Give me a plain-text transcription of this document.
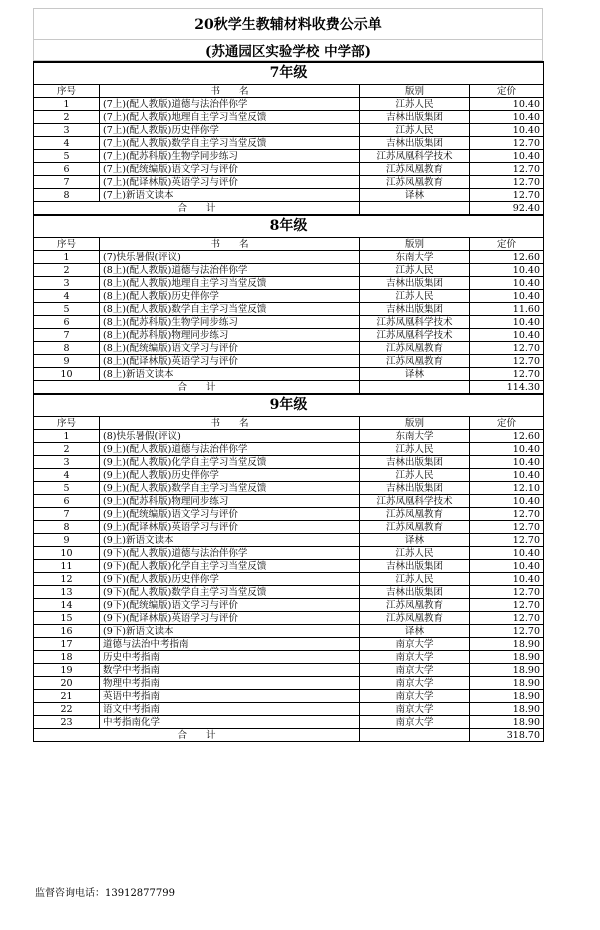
20秋学生教辅材料收费公示单
(苏通园区实验学校 中学部)
7年级			
序号	书　　名	版别	定价
1	(7上)(配人教版)道德与法治伴你学	江苏人民	10.40
2	(7上)(配人教版)地理自主学习当堂反馈	吉林出版集团	10.40
3	(7上)(配人教版)历史伴你学	江苏人民	10.40
4	(7上)(配人教版)数学自主学习当堂反馈	吉林出版集团	12.70
5	(7上)(配苏科版)生物学同步练习	江苏凤凰科学技术	10.40
6	(7上)(配统编版)语文学习与评价	江苏凤凰教育	12.70
7	(7上)(配译林版)英语学习与评价	江苏凤凰教育	12.70
8	(7上)新语文读本	译林	12.70
合　　计			92.40
8年级			
序号	书　　名	版别	定价
1	(7)快乐暑假(评议)	东南大学	12.60
2	(8上)(配人教版)道德与法治伴你学	江苏人民	10.40
3	(8上)(配人教版)地理自主学习当堂反馈	吉林出版集团	10.40
4	(8上)(配人教版)历史伴你学	江苏人民	10.40
5	(8上)(配人教版)数学自主学习当堂反馈	吉林出版集团	11.60
6	(8上)(配苏科版)生物学同步练习	江苏凤凰科学技术	10.40
7	(8上)(配苏科版)物理同步练习	江苏凤凰科学技术	10.40
8	(8上)(配统编版)语文学习与评价	江苏凤凰教育	12.70
9	(8上)(配译林版)英语学习与评价	江苏凤凰教育	12.70
10	(8上)新语文读本	译林	12.70
合　　计			114.30
9年级			
序号	书　　名	版别	定价
1	(8)快乐暑假(评议)	东南大学	12.60
2	(9上)(配人教版)道德与法治伴你学	江苏人民	10.40
3	(9上)(配人教版)化学自主学习当堂反馈	吉林出版集团	10.40
4	(9上)(配人教版)历史伴你学	江苏人民	10.40
5	(9上)(配人教版)数学自主学习当堂反馈	吉林出版集团	12.10
6	(9上)(配苏科版)物理同步练习	江苏凤凰科学技术	10.40
7	(9上)(配统编版)语文学习与评价	江苏凤凰教育	12.70
8	(9上)(配译林版)英语学习与评价	江苏凤凰教育	12.70
9	(9上)新语文读本	译林	12.70
10	(9下)(配人教版)道德与法治伴你学	江苏人民	10.40
11	(9下)(配人教版)化学自主学习当堂反馈	吉林出版集团	10.40
12	(9下)(配人教版)历史伴你学	江苏人民	10.40
13	(9下)(配人教版)数学自主学习当堂反馈	吉林出版集团	12.70
14	(9下)(配统编版)语文学习与评价	江苏凤凰教育	12.70
15	(9下)(配译林版)英语学习与评价	江苏凤凰教育	12.70
16	(9下)新语文读本	译林	12.70
17	道德与法治中考指南	南京大学	18.90
18	历史中考指南	南京大学	18.90
19	数学中考指南	南京大学	18.90
20	物理中考指南	南京大学	18.90
21	英语中考指南	南京大学	18.90
22	语文中考指南	南京大学	18.90
23	中考指南化学	南京大学	18.90
合　　计			318.70
监督咨询电话：13912877799
